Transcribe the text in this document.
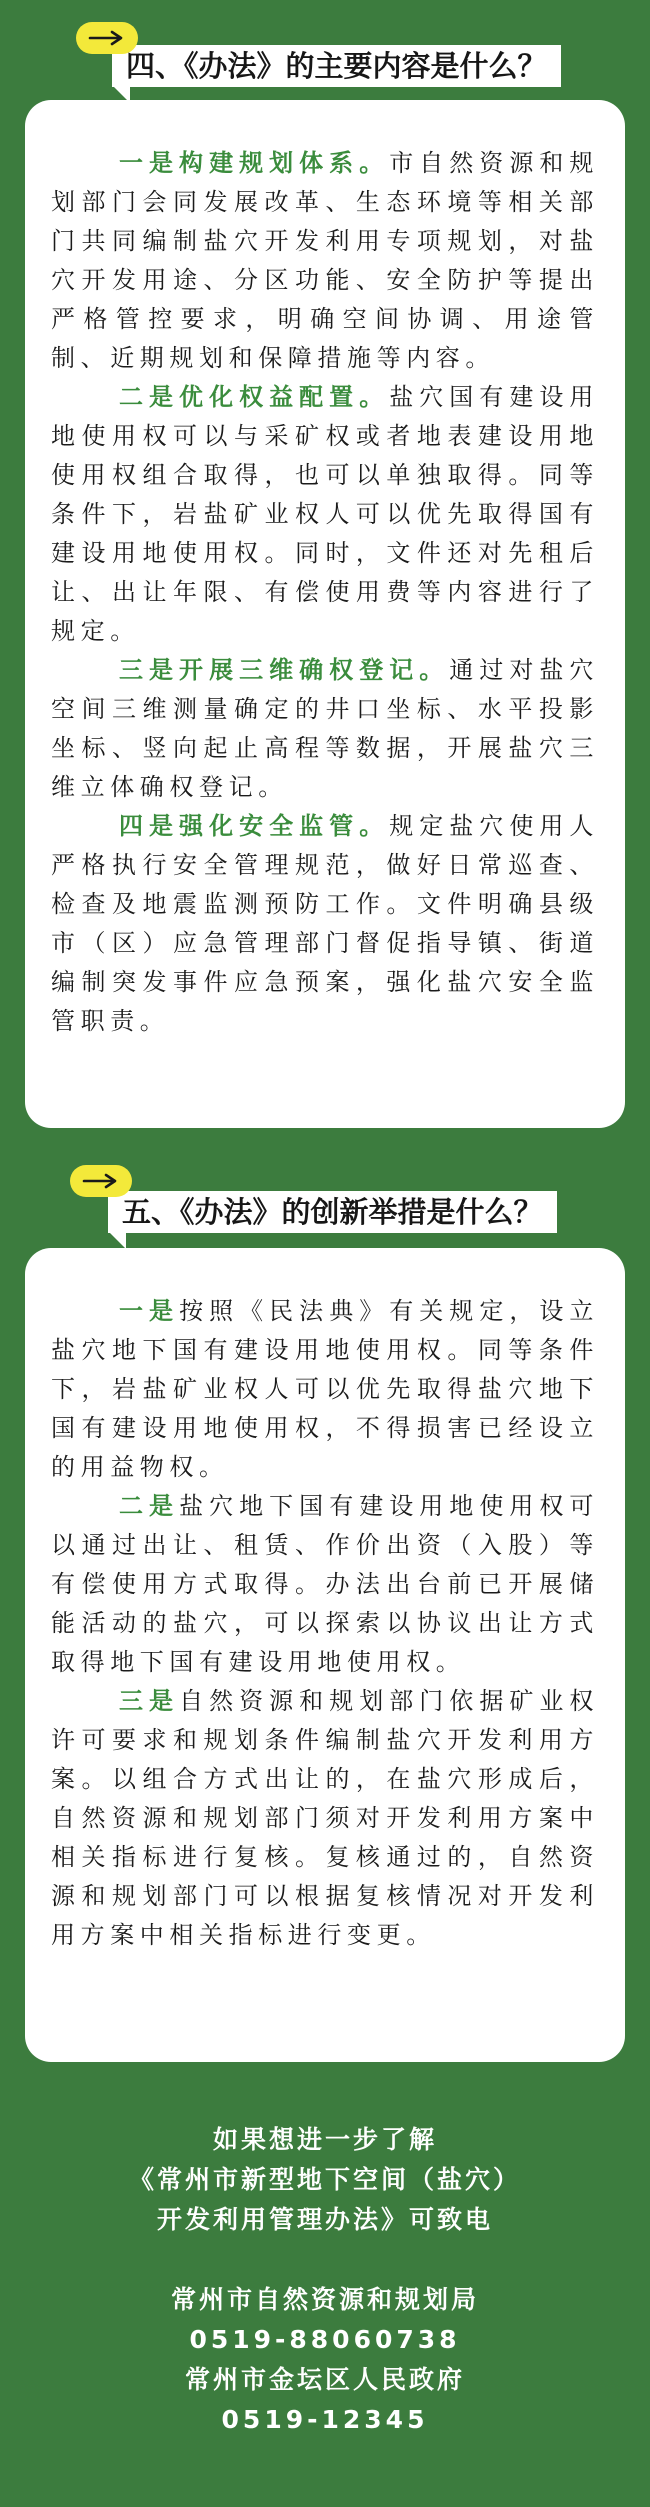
四、《办法》的主要内容是什么？

一是构建规划体系。市自然资源和规划部门会同发展改革、生态环境等相关部门共同编制盐穴开发利用专项规划，对盐穴开发用途、分区功能、安全防护等提出严格管控要求，明确空间协调、用途管制、近期规划和保障措施等内容。

二是优化权益配置。盐穴国有建设用地使用权可以与采矿权或者地表建设用地使用权组合取得，也可以单独取得。同等条件下，岩盐矿业权人可以优先取得国有建设用地使用权。同时，文件还对先租后让、出让年限、有偿使用费等内容进行了规定。

三是开展三维确权登记。通过对盐穴空间三维测量确定的井口坐标、水平投影坐标、竖向起止高程等数据，开展盐穴三维立体确权登记。

四是强化安全监管。规定盐穴使用人严格执行安全管理规范，做好日常巡查、检查及地震监测预防工作。文件明确县级市（区）应急管理部门督促指导镇、街道编制突发事件应急预案，强化盐穴安全监管职责。

五、《办法》的创新举措是什么？

一是按照《民法典》有关规定，设立盐穴地下国有建设用地使用权。同等条件下，岩盐矿业权人可以优先取得盐穴地下国有建设用地使用权，不得损害已经设立的用益物权。

二是盐穴地下国有建设用地使用权可以通过出让、租赁、作价出资（入股）等有偿使用方式取得。办法出台前已开展储能活动的盐穴，可以探索以协议出让方式取得地下国有建设用地使用权。

三是自然资源和规划部门依据矿业权许可要求和规划条件编制盐穴开发利用方案。以组合方式出让的，在盐穴形成后，自然资源和规划部门须对开发利用方案中相关指标进行复核。复核通过的，自然资源和规划部门可以根据复核情况对开发利用方案中相关指标进行变更。

如果想进一步了解
《常州市新型地下空间（盐穴）
开发利用管理办法》可致电
常州市自然资源和规划局
0519-88060738
常州市金坛区人民政府
0519-12345
